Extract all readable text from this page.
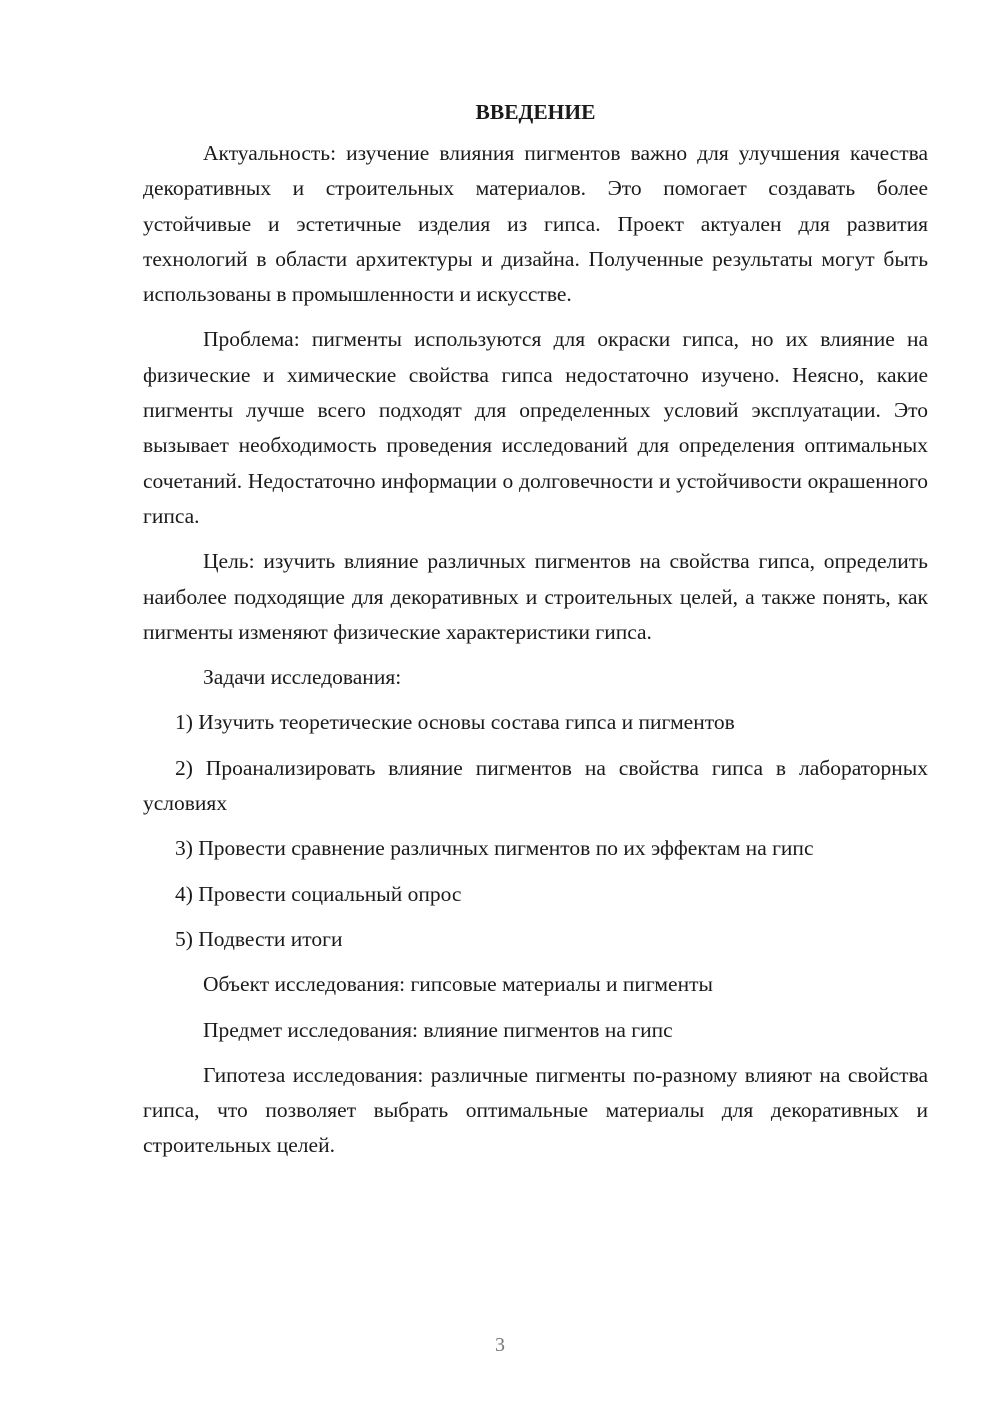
ВВЕДЕНИЕ

Актуальность: изучение влияния пигментов важно для улучшения качества декоративных и строительных материалов. Это помогает создавать более устойчивые и эстетичные изделия из гипса. Проект актуален для развития технологий в области архитектуры и дизайна. Полученные результаты могут быть использованы в промышленности и искусстве.

Проблема: пигменты используются для окраски гипса, но их влияние на физические и химические свойства гипса недостаточно изучено. Неясно, какие пигменты лучше всего подходят для определенных условий эксплуатации. Это вызывает необходимость проведения исследований для определения оптимальных сочетаний. Недостаточно информации о долговечности и устойчивости окрашенного гипса.

Цель: изучить влияние различных пигментов на свойства гипса, определить наиболее подходящие для декоративных и строительных целей, а также понять, как пигменты изменяют физические характеристики гипса.

Задачи исследования:

1) Изучить теоретические основы состава гипса и пигментов

2) Проанализировать влияние пигментов на свойства гипса в лабораторных условиях

3) Провести сравнение различных пигментов по их эффектам на гипс

4) Провести социальный опрос

5) Подвести итоги

Объект исследования: гипсовые материалы и пигменты

Предмет исследования: влияние пигментов на гипс

Гипотеза исследования: различные пигменты по-разному влияют на свойства гипса, что позволяет выбрать оптимальные материалы для декоративных и строительных целей.

3
